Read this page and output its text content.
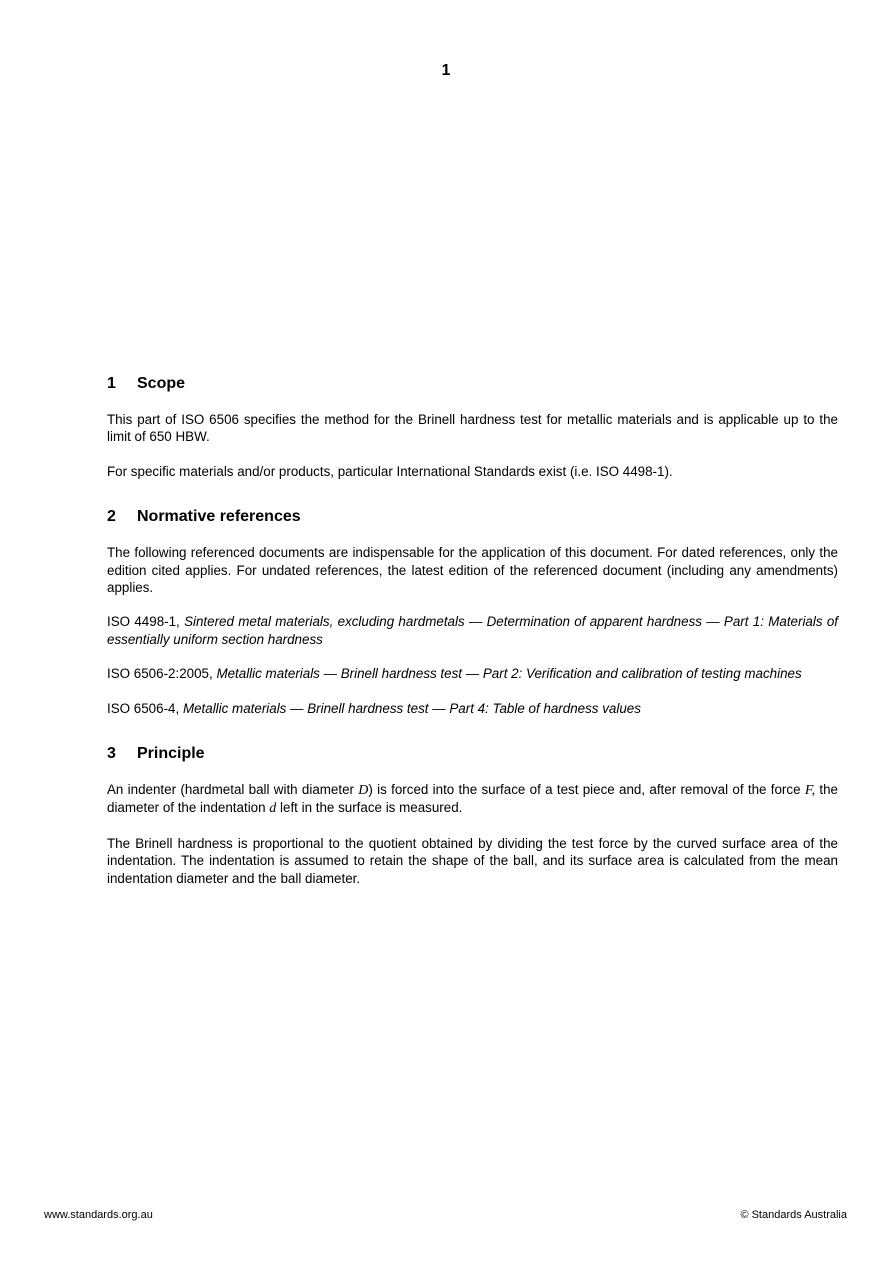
1
1	Scope

This part of ISO 6506 specifies the method for the Brinell hardness test for metallic materials and is applicable up to the limit of 650 HBW.

For specific materials and/or products, particular International Standards exist (i.e. ISO 4498-1).

2	Normative references

The following referenced documents are indispensable for the application of this document. For dated references, only the edition cited applies. For undated references, the latest edition of the referenced document (including any amendments) applies.

ISO 4498-1, Sintered metal materials, excluding hardmetals — Determination of apparent hardness — Part 1: Materials of essentially uniform section hardness

ISO 6506-2:2005, Metallic materials — Brinell hardness test — Part 2: Verification and calibration of testing machines

ISO 6506-4, Metallic materials — Brinell hardness test — Part 4: Table of hardness values

3	Principle

An indenter (hardmetal ball with diameter D) is forced into the surface of a test piece and, after removal of the force F, the diameter of the indentation d left in the surface is measured.

The Brinell hardness is proportional to the quotient obtained by dividing the test force by the curved surface area of the indentation. The indentation is assumed to retain the shape of the ball, and its surface area is calculated from the mean indentation diameter and the ball diameter.

www.standards.org.au	© Standards Australia
